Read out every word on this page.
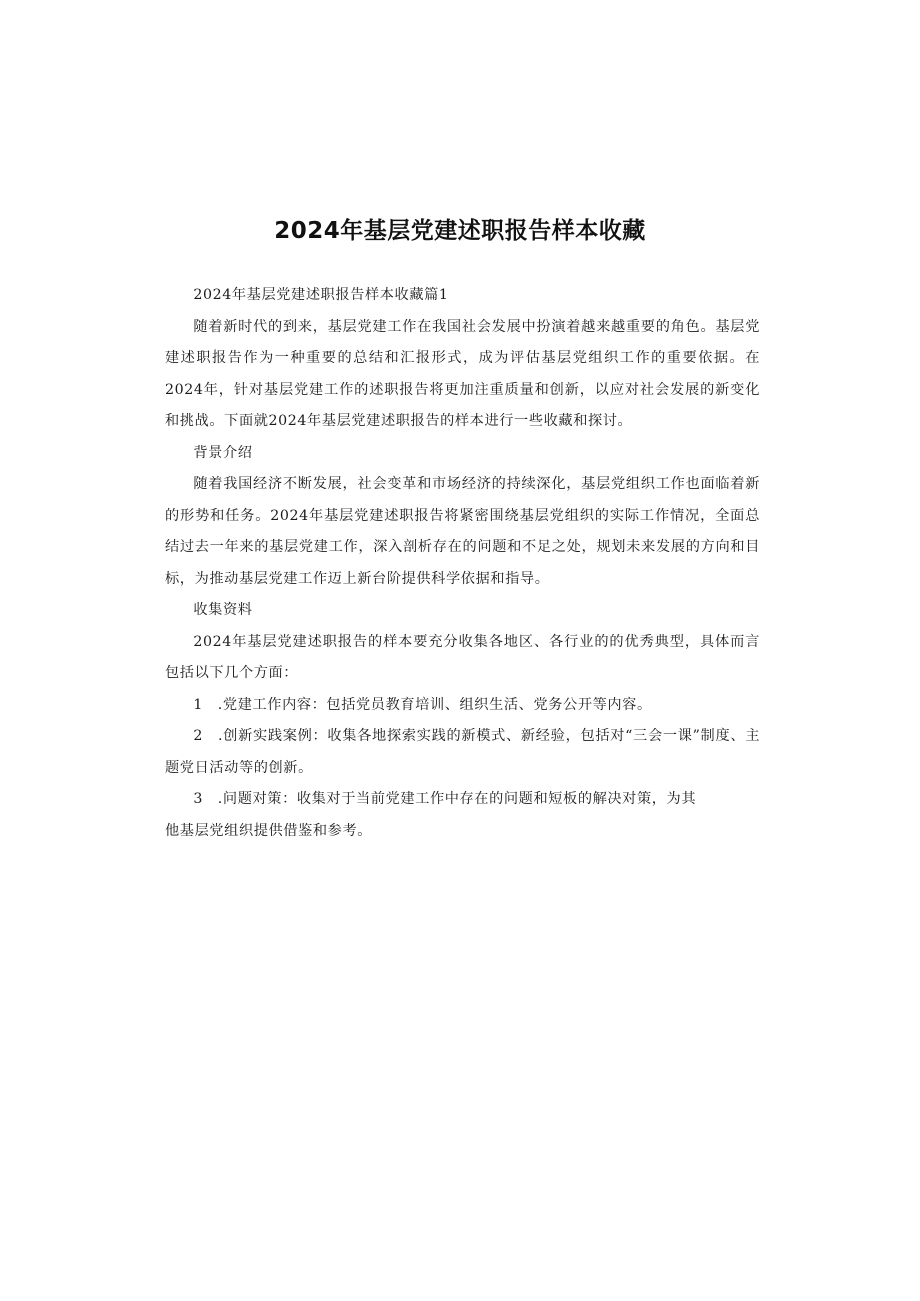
2024年基层党建述职报告样本收藏

2024年基层党建述职报告样本收藏篇1

随着新时代的到来，基层党建工作在我国社会发展中扮演着越来越重要的角色。基层党建述职报告作为一种重要的总结和汇报形式，成为评估基层党组织工作的重要依据。在2024年，针对基层党建工作的述职报告将更加注重质量和创新，以应对社会发展的新变化和挑战。下面就2024年基层党建述职报告的样本进行一些收藏和探讨。

背景介绍

随着我国经济不断发展，社会变革和市场经济的持续深化，基层党组织工作也面临着新的形势和任务。2024年基层党建述职报告将紧密围绕基层党组织的实际工作情况，全面总结过去一年来的基层党建工作，深入剖析存在的问题和不足之处，规划未来发展的方向和目标，为推动基层党建工作迈上新台阶提供科学依据和指导。

收集资料

2024年基层党建述职报告的样本要充分收集各地区、各行业的的优秀典型，具体而言包括以下几个方面：

1　.党建工作内容：包括党员教育培训、组织生活、党务公开等内容。

2　.创新实践案例：收集各地探索实践的新模式、新经验，包括对“三会一课”制度、主题党日活动等的创新。

3　.问题对策：收集对于当前党建工作中存在的问题和短板的解决对策，为其

他基层党组织提供借鉴和参考。
